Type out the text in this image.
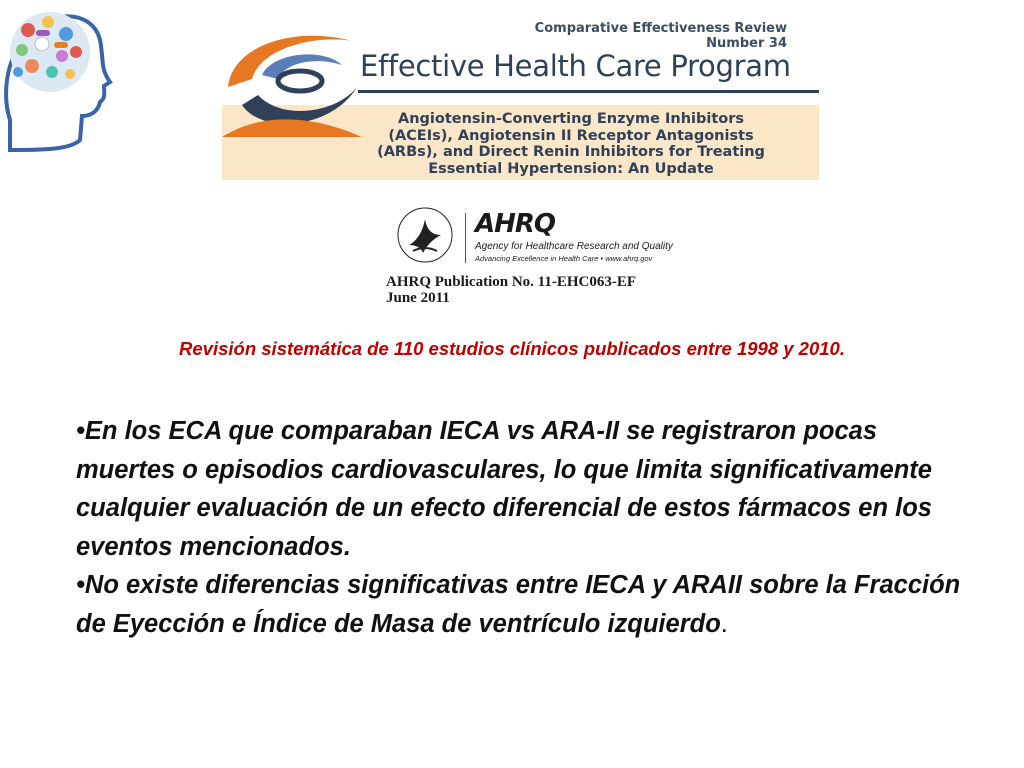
Comparative Effectiveness Review
Number 34
Effective Health Care Program
Angiotensin-Converting Enzyme Inhibitors
(ACEIs), Angiotensin II Receptor Antagonists
(ARBs), and Direct Renin Inhibitors for Treating
Essential Hypertension: An Update
AHRQ
Agency for Healthcare Research and Quality
Advancing Excellence in Health Care • www.ahrq.gov
AHRQ Publication No. 11-EHC063-EF
June 2011
Revisión sistemática de 110 estudios clínicos publicados entre 1998 y 2010.

•En los ECA que comparaban IECA vs ARA-II se registraron pocas muertes o episodios cardiovasculares, lo que limita significativamente cualquier evaluación de un efecto diferencial de estos fármacos en los eventos mencionados.

•No existe diferencias significativas entre IECA y ARAII sobre la Fracción de Eyección e Índice de Masa de ventrículo izquierdo.
